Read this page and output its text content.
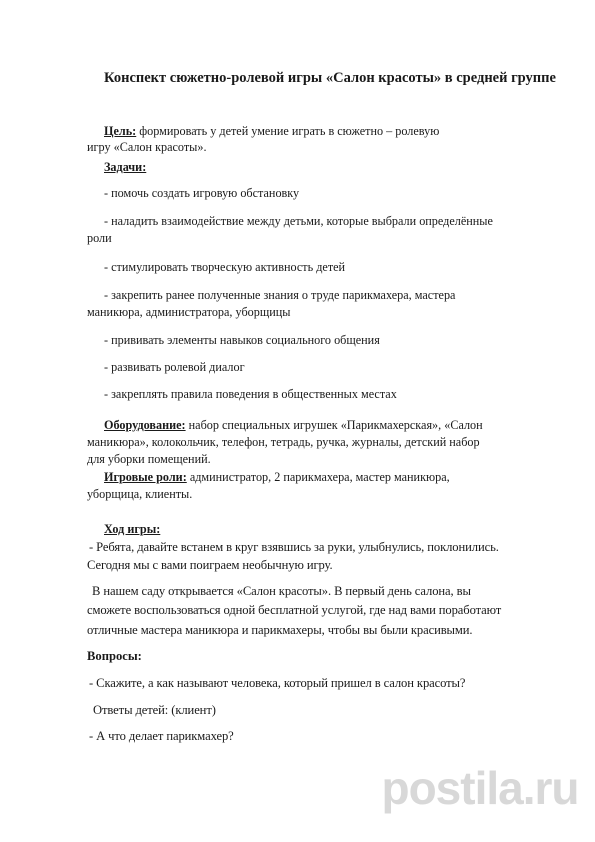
Конспект сюжетно-ролевой игры «Салон красоты» в средней группе
Цель: формировать у детей умение играть в сюжетно – ролевую
игру «Салон красоты».
Задачи:
- помочь создать игровую обстановку
- наладить взаимодействие между детьми, которые выбрали определённые
роли
- стимулировать творческую активность детей
- закрепить ранее полученные знания о труде парикмахера, мастера
маникюра, администратора, уборщицы
- прививать элементы навыков социального общения
- развивать ролевой диалог
- закреплять правила поведения в общественных местах
Оборудование: набор специальных игрушек «Парикмахерская», «Салон
маникюра», колокольчик, телефон, тетрадь, ручка, журналы, детский набор
для уборки помещений.
Игровые роли: администратор, 2 парикмахера, мастер маникюра,
уборщица, клиенты.
Ход игры:
- Ребята, давайте встанем в круг взявшись за руки, улыбнулись, поклонились.
Сегодня мы с вами поиграем необычную игру.
В нашем саду открывается «Салон красоты». В первый день салона, вы
сможете воспользоваться одной бесплатной услугой, где над вами поработают
отличные мастера маникюра и парикмахеры, чтобы вы были красивыми.
Вопросы:
- Скажите, а как называют человека, который пришел в салон красоты?
Ответы детей: (клиент)
- А что делает парикмахер?
postila.ru
